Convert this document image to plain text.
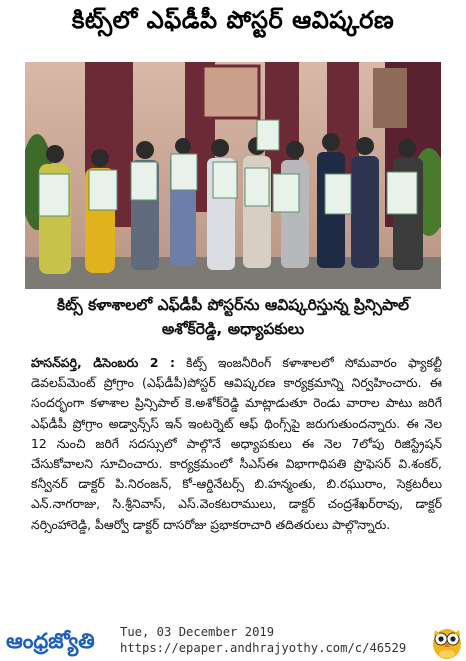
కిట్స్‌లో ఎఫ్‌డీపీ పోస్టర్ ఆవిష్కరణ
కిట్స్ కళాశాలలో ఎఫ్‌డీపీ పోస్టర్‌ను ఆవిష్కరిస్తున్న ప్రిన్సిపాల్
అశోక్‌రెడ్డి, అధ్యాపకులు
హసన్‌పర్తి, డిసెంబరు 2 : కిట్స్ ఇంజనీరింగ్ కళాశాలలో సోమవారం ఫ్యాకల్టీ డెవలప్‌మెంట్ ప్రోగ్రాం (ఎఫ్‌డీపీ)పోస్టర్ ఆవిష్కరణ కార్యక్రమాన్ని నిర్వహించారు. ఈ సందర్భంగా కళాశాల ప్రిన్సిపాల్ కె.అశోక్‌రెడ్డి మాట్లాడుతూ రెండు వారాల పాటు జరిగే ఎఫ్‌డీపీ ప్రోగ్రాం అడ్వాన్స్‌స్ ఇన్ ఇంటర్నెట్ ఆఫ్ థింగ్స్‌పై జరుగుతుందన్నారు. ఈ నెల 12 నుంచి జరిగే సదస్సులో పాల్గొనే అధ్యాపకులు ఈ నెల 7లోపు రిజిస్ట్రేషన్ చేసుకోవాలని సూచించారు. కార్యక్రమంలో సీఎస్‌ఈ విభాగాధిపతి ప్రొఫెసర్ వి.శంకర్, కన్వీనర్ డాక్టర్ పి.నిరంజన్, కో-ఆర్డినేటర్స్ బి.హన్మంతు, బి.రఘురాం, సెక్రటరీలు ఎన్.నాగరాజు, సి.శ్రీనివాస్, ఎస్.వెంకటరాములు, డాక్టర్ చంద్రశేఖర్‌రావు, డాక్టర్ నర్సింహారెడ్డి, పీఆర్వో డాక్టర్ దాసరోజు ప్రభాకరాచారి తదితరులు పాల్గొన్నారు.
ఆంధ్రజ్యోతి	Tue, 03 December 2019
https://epaper.andhrajyothy.com/c/46529
